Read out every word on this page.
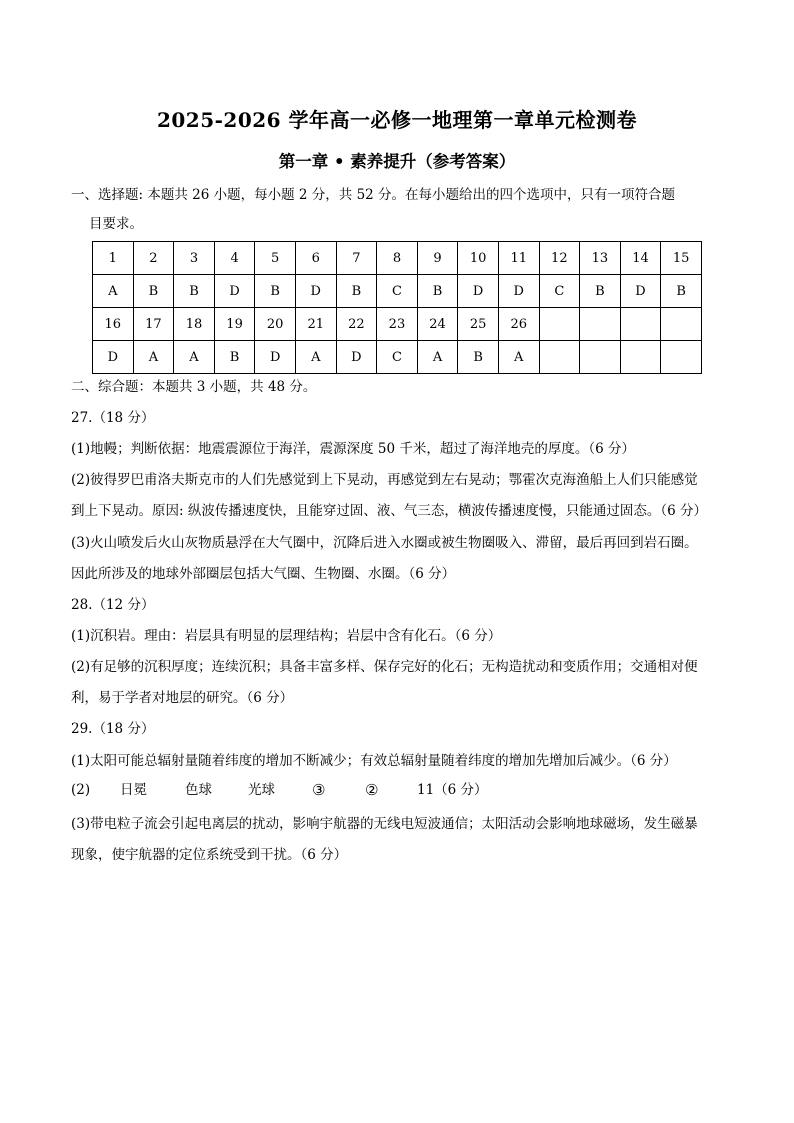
2025-2026 学年高一必修一地理第一章单元检测卷
第一章 • 素养提升（参考答案）
一、选择题: 本题共 26 小题，每小题 2 分，共 52 分。在每小题给出的四个选项中，只有一项符合题
目要求。
1	2	3	4	5	6	7	8	9	10	11	12	13	14	15
A	B	B	D	B	D	B	C	B	D	D	C	B	D	B
16	17	18	19	20	21	22	23	24	25	26				
D	A	A	B	D	A	D	C	A	B	A				
二、综合题：本题共 3 小题，共 48 分。
27.（18 分）
(1)地幔；判断依据：地震震源位于海洋，震源深度 50 千米，超过了海洋地壳的厚度。（6 分）
(2)彼得罗巴甫洛夫斯克市的人们先感觉到上下晃动，再感觉到左右晃动；鄂霍次克海渔船上人们只能感觉
到上下晃动。原因: 纵波传播速度快，且能穿过固、液、气三态，横波传播速度慢，只能通过固态。（6 分）
(3)火山喷发后火山灰物质悬浮在大气圈中，沉降后进入水圈或被生物圈吸入、滞留，最后再回到岩石圈。
因此所涉及的地球外部圈层包括大气圈、生物圈、水圈。（6 分）
28.（12 分）
(1)沉积岩。理由：岩层具有明显的层理结构；岩层中含有化石。（6 分）
(2)有足够的沉积厚度；连续沉积；具备丰富多样、保存完好的化石；无构造扰动和变质作用；交通相对便
利，易于学者对地层的研究。（6 分）
29.（18 分）
(1)太阳可能总辐射量随着纬度的增加不断减少；有效总辐射量随着纬度的增加先增加后减少。（6 分）
(2) 日冕	色球	光球 ③	②	11（6 分）
(3)带电粒子流会引起电离层的扰动，影响宇航器的无线电短波通信；太阳活动会影响地球磁场，发生磁暴
现象，使宇航器的定位系统受到干扰。（6 分）
